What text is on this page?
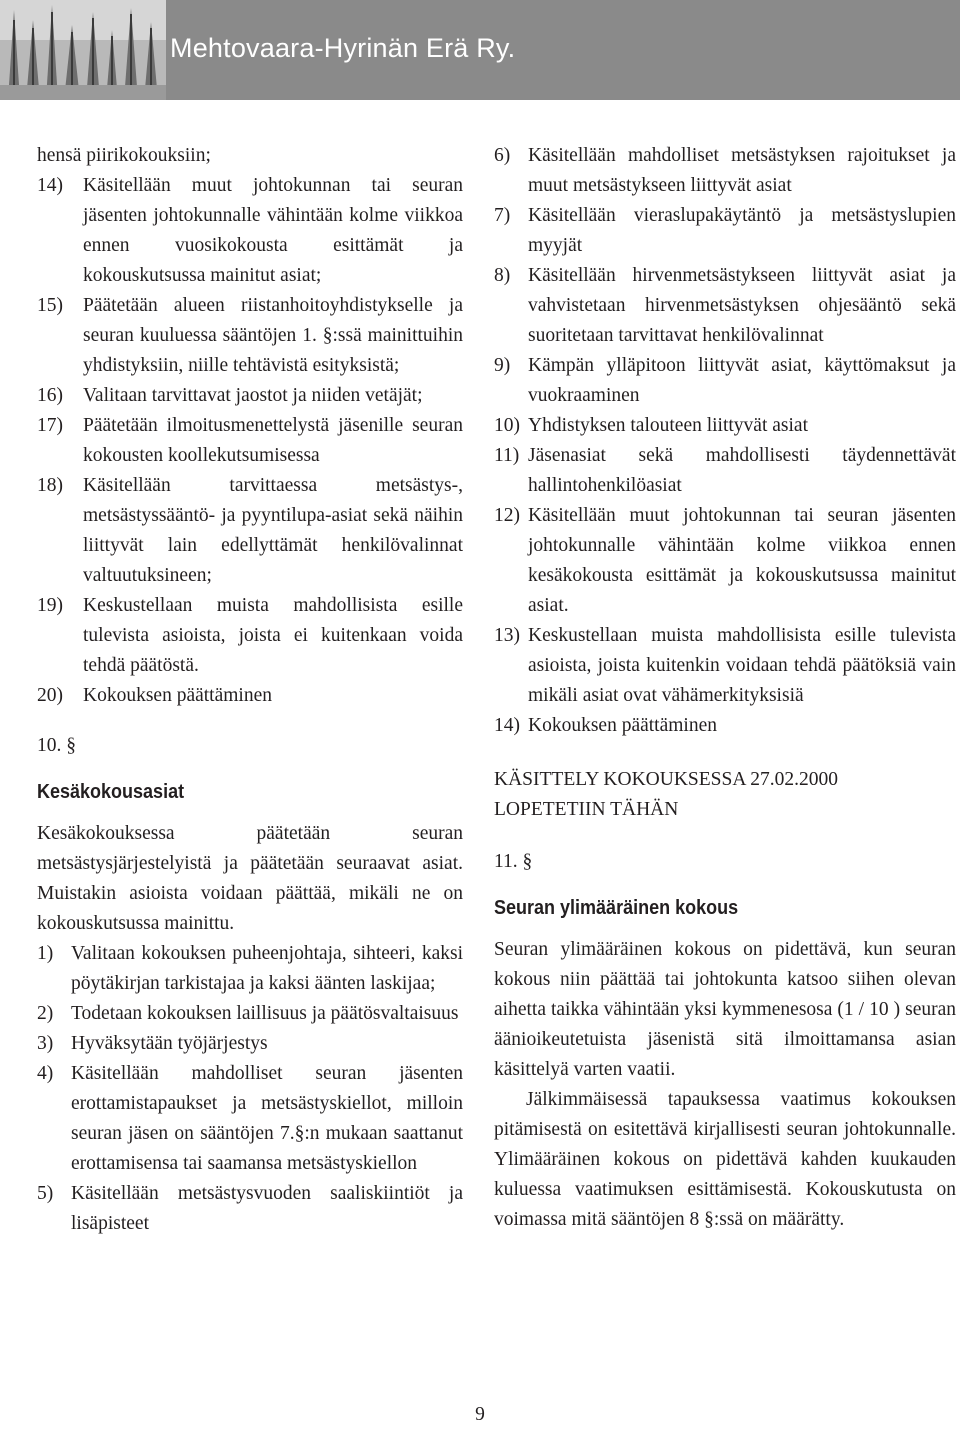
Mehtovaara-Hyrinän Erä Ry.

hensä piirikokouksiin;

14)	Käsitellään muut johtokunnan tai seuran jäsenten johtokunnalle vähintään kolme viikkoa ennen vuosikokousta esittämät ja kokouskutsussa mainitut asiat;
15)	Päätetään alueen riistanhoitoyhdistykselle ja seuran kuuluessa sääntöjen 1. §:ssä mainittuihin yhdistyksiin, niille tehtävistä esityksistä;
16)	Valitaan tarvittavat jaostot ja niiden vetäjät;
17)	Päätetään ilmoitusmenettelystä jäsenille seuran kokousten koollekutsumisessa
18)	Käsitellään tarvittaessa metsästys-, metsästyssääntö- ja pyyntilupa-asiat sekä näihin liittyvät lain edellyttämät henkilövalinnat valtuutuksineen;
19)	Keskustellaan muista mahdollisista esille tulevista asioista, joista ei kuitenkaan voida tehdä päätöstä.
20)	Kokouksen päättäminen

10. §

Kesäkokousasiat

Kesäkokouksessa päätetään seuran metsästysjärjestelyistä ja päätetään seuraavat asiat. Muistakin asioista voidaan päättää, mikäli ne on kokouskutsussa mainittu.

1) Valitaan kokouksen puheenjohtaja, sihteeri, kaksi pöytäkirjan tarkistajaa ja kaksi äänten laskijaa;
2) Todetaan kokouksen laillisuus ja päätösvaltaisuus
3) Hyväksytään työjärjestys
4) Käsitellään mahdolliset seuran jäsenten erottamistapaukset ja metsästyskiellot, milloin seuran jäsen on sääntöjen 7.§:n mukaan saattanut erottamisensa tai saamansa metsästyskiellon
5) Käsitellään metsästysvuoden saaliskiintiöt ja lisäpisteet
6) Käsitellään mahdolliset metsästyksen rajoitukset ja muut metsästykseen liittyvät asiat
7) Käsitellään vieraslupakäytäntö ja metsästyslupien myyjät
8) Käsitellään hirvenmetsästykseen liittyvät asiat ja vahvistetaan hirvenmetsästyksen ohjesääntö sekä suoritetaan tarvittavat henkilövalinnat
9) Kämpän ylläpitoon liittyvät asiat, käyttömaksut ja vuokraaminen
10) Yhdistyksen talouteen liittyvät asiat
11) Jäsenasiat sekä mahdollisesti täydennettävät hallintohenkilöasiat
12) Käsitellään muut johtokunnan tai seuran jäsenten johtokunnalle vähintään kolme viikkoa ennen kesäkokousta esittämät ja kokouskutsussa mainitut asiat.
13) Keskustellaan muista mahdollisista esille tulevista asioista, joista kuitenkin voidaan tehdä päätöksiä vain mikäli asiat ovat vähämerkityksisiä
14) Kokouksen päättäminen

KÄSITTELY KOKOUKSESSA 27.02.2000

LOPETETIIN TÄHÄN

11. §

Seuran ylimääräinen kokous

Seuran ylimääräinen kokous on pidettävä, kun seuran kokous niin päättää tai johtokunta katsoo siihen olevan aihetta taikka vähintään yksi kymmenesosa (1 / 10 ) seuran äänioikeutetuista jäsenistä sitä ilmoittamansa asian käsittelyä varten vaatii.

Jälkimmäisessä tapauksessa vaatimus kokouksen pitämisestä on esitettävä kirjallisesti seuran johtokunnalle. Ylimääräinen kokous on pidettävä kahden kuukauden kuluessa vaatimuksen esittämisestä. Kokouskutusta on voimassa mitä sääntöjen 8 §:ssä on määrätty.

9
